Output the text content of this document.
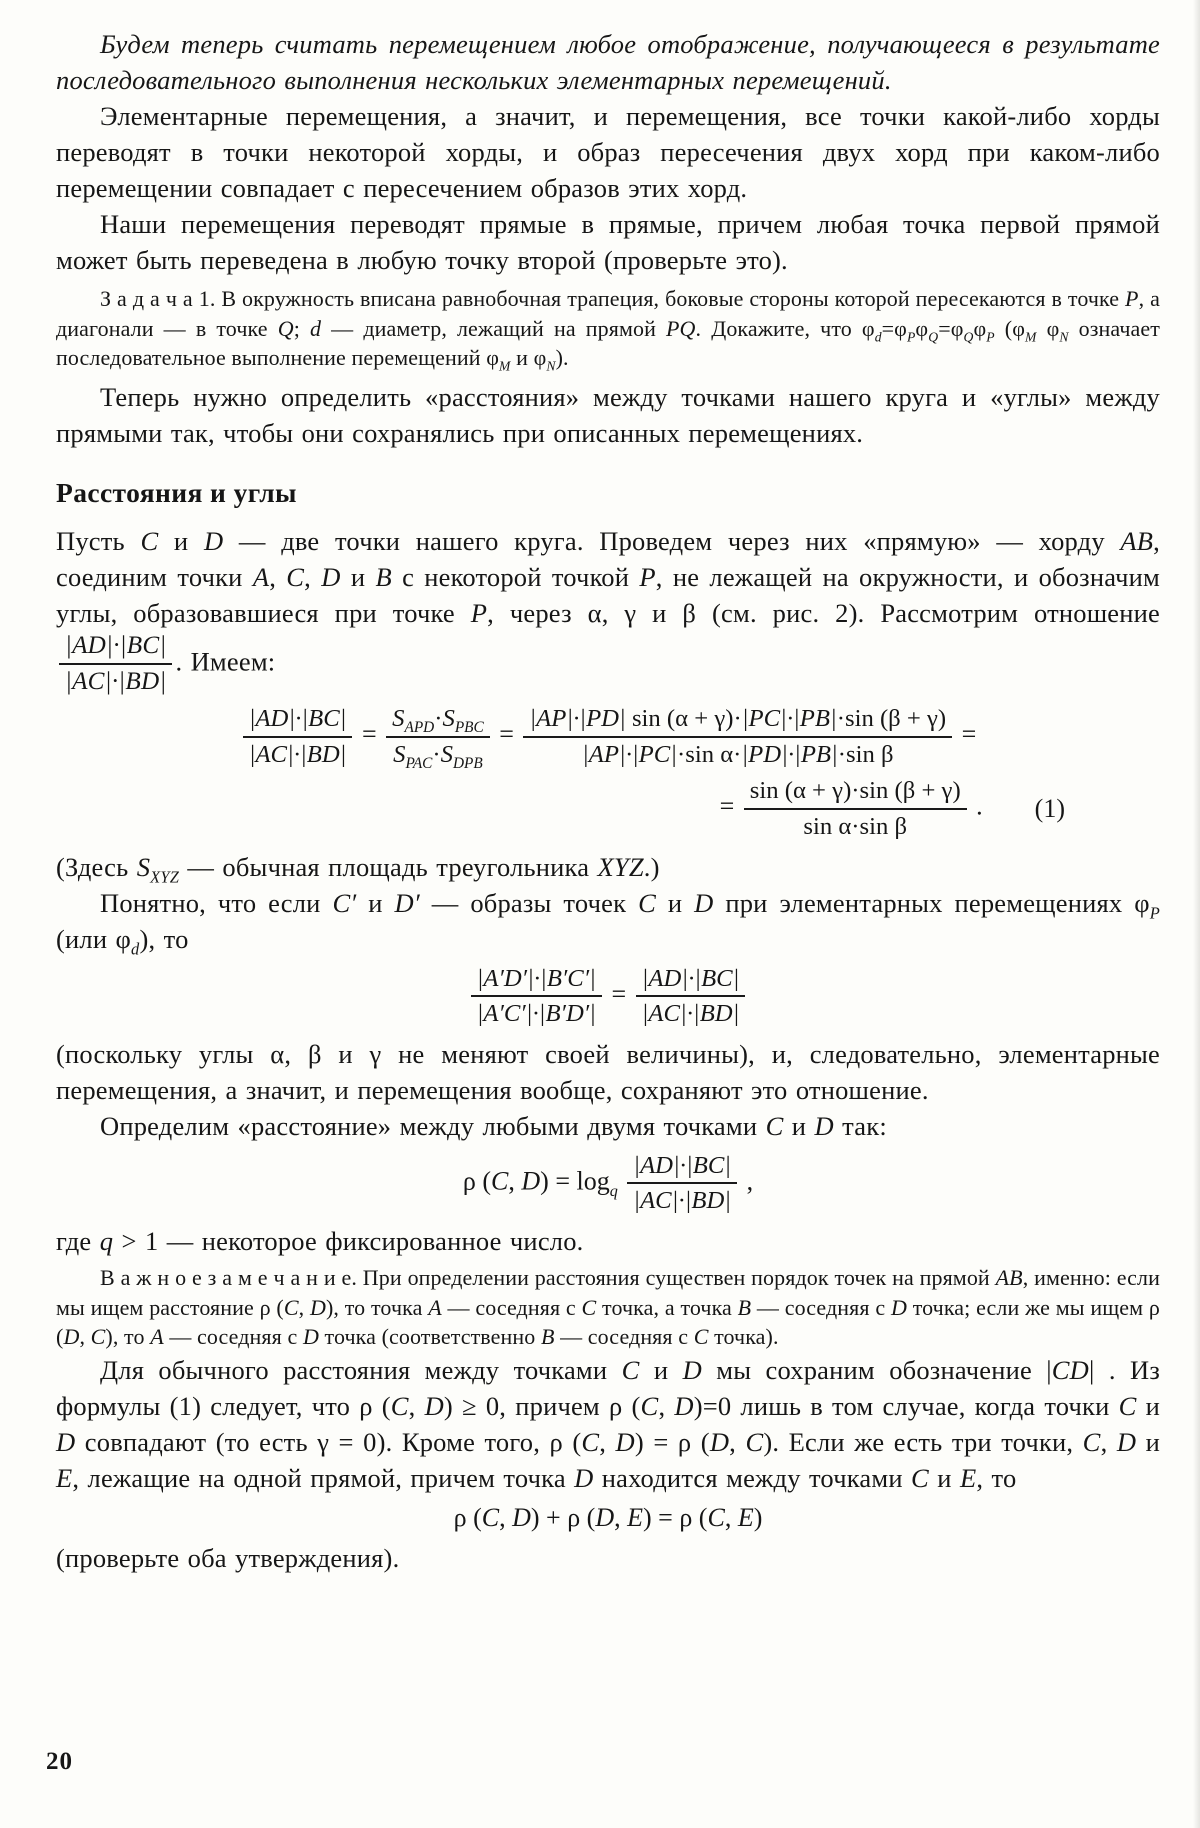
Будем теперь считать перемещением любое отображение, получающееся в результате последовательного выполнения нескольких элементарных перемещений.

Элементарные перемещения, а значит, и перемещения, все точки какой-либо хорды переводят в точки некоторой хорды, и образ пересечения двух хорд при каком-либо перемещении совпадает с пересечением образов этих хорд.

Наши перемещения переводят прямые в прямые, причем любая точка первой прямой может быть переведена в любую точку второй (проверьте это).

З а д а ч а 1. В окружность вписана равнобочная трапеция, боковые стороны которой пересекаются в точке P, а диагонали — в точке Q; d — диаметр, лежащий на прямой PQ. Докажите, что $\varphi_d=\varphi_P\varphi_Q=\varphi_Q\varphi_P$ ($\varphi_M$ $\varphi_N$ означает последовательное выполнение перемещений $\varphi_M$ и $\varphi_N$).

Теперь нужно определить «расстояния» между точками нашего круга и «углы» между прямыми так, чтобы они сохранялись при описанных перемещениях.

Расстояния и углы

Пусть C и D — две точки нашего круга. Проведем через них «прямую» — хорду AB, соединим точки A, C, D и B с некоторой точкой P, не лежащей на окружности, и обозначим углы, образовавшиеся при точке P, через α, γ и β (см. рис. 2). Рассмотрим отношение
$\frac{|AD|\cdot|BC|}{|AC|\cdot|BD|}$ . Имеем:

$\frac{|AD|\cdot|BC|}{|AC|\cdot|BD|} = \frac{S_{APD}\cdot S_{PBC}}{S_{PAC}\cdot S_{DPB}} = \frac{|AP|\cdot|PD| \sin (\alpha + \gamma)\cdot|PC|\cdot|PB|\cdot\sin (\beta + \gamma)}{\text{|AP|·|PC|·sin α·|PD|·|PB|·sin β}}$ =
= $\frac{\sin (\alpha + \gamma)\cdot\sin (\beta + \gamma)}{\text{sin α·sin β}}$ . (1)

(Здесь $S_{XYZ}$ — обычная площадь треугольника XYZ.)

Понятно, что если C′ и D′ — образы точек C и D при элементарных перемещениях $\varphi_P$ (или $\varphi_d$), то

$\frac{|A'D'|\cdot|B'C'|}{|A'C'|\cdot|B'D'|} = \frac{|AD|\cdot|BC|}{|AC|\cdot|BD|}$

(поскольку углы α, β и γ не меняют своей величины), и, следовательно, элементарные перемещения, а значит, и перемещения вообще, сохраняют это отношение.

Определим «расстояние» между любыми двумя точками C и D так:

ρ (C, $D) = \log_q \frac{|AD|\cdot|BC|}{|AC|\cdot|BD|}$ ,

где q > 1 — некоторое фиксированное число.

В а ж н о е з а м е ч а н и е. При определении расстояния существен порядок точек на прямой AB, именно: если мы ищем расстояние ρ (C, D), то точка A — соседняя с C точка, а точка B — соседняя с D точка; если же мы ищем ρ (D, C), то A — соседняя с D точка (соответственно B — соседняя с C точка).

Для обычного расстояния между точками C и D мы сохраним обозначение |CD| . Из формулы (1) следует, что ρ (C, D) ≥ 0, причем ρ (C, D)=0 лишь в том случае, когда точки C и D совпадают (то есть γ = 0). Кроме того, ρ (C, D) = ρ (D, C). Если же есть три точки, C, D и E, лежащие на одной прямой, причем точка D находится между точками C и E, то

ρ (C, D) + ρ (D, E) = ρ (C, E)

(проверьте оба утверждения).

20
